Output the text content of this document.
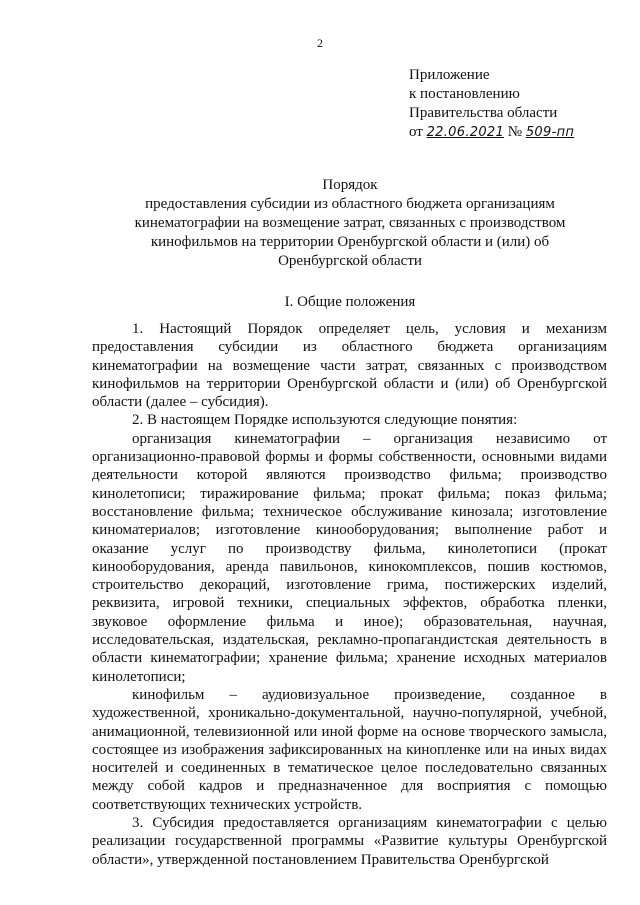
2
Приложение
к постановлению
Правительства области
от 22.06.2021 № 509-пп
Порядок
предоставления субсидии из областного бюджета организациям
кинематографии на возмещение затрат, связанных с производством
кинофильмов на территории Оренбургской области и (или) об
Оренбургской области
I. Общие положения

1. Настоящий Порядок определяет цель, условия и механизм предоставления субсидии из областного бюджета организациям кинематографии на возмещение части затрат, связанных с производством кинофильмов на территории Оренбургской области и (или) об Оренбургской области (далее – субсидия).

2. В настоящем Порядке используются следующие понятия:

организация кинематографии – организация независимо от организационно-правовой формы и формы собственности, основными видами деятельности которой являются производство фильма; производство кинолетописи; тиражирование фильма; прокат фильма; показ фильма; восстановление фильма; техническое обслуживание кинозала; изготовление киноматериалов; изготовление кинооборудования; выполнение работ и оказание услуг по производству фильма, кинолетописи (прокат кинооборудования, аренда павильонов, кинокомплексов, пошив костюмов, строительство декораций, изготовление грима, постижерских изделий, реквизита, игровой техники, специальных эффектов, обработка пленки, звуковое оформление фильма и иное); образовательная, научная, исследовательская, издательская, рекламно-пропагандистская деятельность в области кинематографии; хранение фильма; хранение исходных материалов кинолетописи;

кинофильм – аудиовизуальное произведение, созданное в художественной, хроникально-документальной, научно-популярной, учебной, анимационной, телевизионной или иной форме на основе творческого замысла, состоящее из изображения зафиксированных на кинопленке или на иных видах носителей и соединенных в тематическое целое последовательно связанных между собой кадров и предназначенное для восприятия с помощью соответствующих технических устройств.

3. Субсидия предоставляется организациям кинематографии с целью реализации государственной программы «Развитие культуры Оренбургской области», утвержденной постановлением Правительства Оренбургской
